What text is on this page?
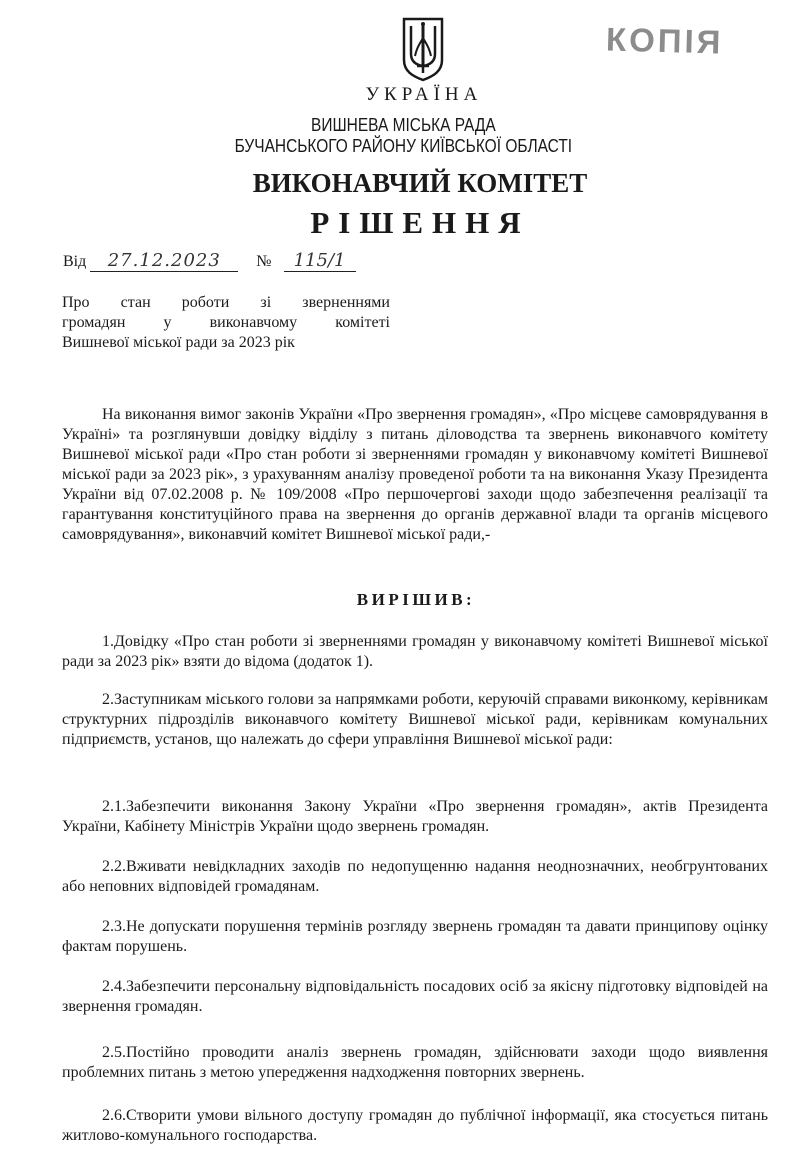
КОПІЯ
УКРАЇНА
ВИШНЕВА МІСЬКА РАДА
БУЧАНСЬКОГО РАЙОНУ КИЇВСЬКОЇ ОБЛАСТІ
ВИКОНАВЧИЙ КОМІТЕТ
РІШЕННЯ
Від 27.12.2023 № 115/1
Про стан роботи зі зверненнями
громадян у виконавчому комітеті
Вишневої міської ради за 2023 рік
На виконання вимог законів України «Про звернення громадян», «Про місцеве самоврядування в Україні» та розглянувши довідку відділу з питань діловодства та звернень виконавчого комітету Вишневої міської ради «Про стан роботи зі зверненнями громадян у виконавчому комітеті Вишневої міської ради за 2023 рік», з урахуванням аналізу проведеної роботи та на виконання Указу Президента України від 07.02.2008 р. № 109/2008 «Про першочергові заходи щодо забезпечення реалізації та гарантування конституційного права на звернення до органів державної влади та органів місцевого самоврядування», виконавчий комітет Вишневої міської ради,-
ВИРІШИВ:
1.Довідку «Про стан роботи зі зверненнями громадян у виконавчому комітеті Вишневої міської ради за 2023 рік» взяти до відома (додаток 1).
2.Заступникам міського голови за напрямками роботи, керуючій справами виконкому, керівникам структурних підрозділів виконавчого комітету Вишневої міської ради, керівникам комунальних підприємств, установ, що належать до сфери управління Вишневої міської ради:
2.1.Забезпечити виконання Закону України «Про звернення громадян», актів Президента України, Кабінету Міністрів України щодо звернень громадян.
2.2.Вживати невідкладних заходів по недопущенню надання неоднозначних, необгрунтованих або неповних відповідей громадянам.
2.3.Не допускати порушення термінів розгляду звернень громадян та давати принципову оцінку фактам порушень.
2.4.Забезпечити персональну відповідальність посадових осіб за якісну підготовку відповідей на звернення громадян.
2.5.Постійно проводити аналіз звернень громадян, здійснювати заходи щодо виявлення проблемних питань з метою упередження надходження повторних звернень.
2.6.Створити умови вільного доступу громадян до публічної інформації, яка стосується питань житлово-комунального господарства.
